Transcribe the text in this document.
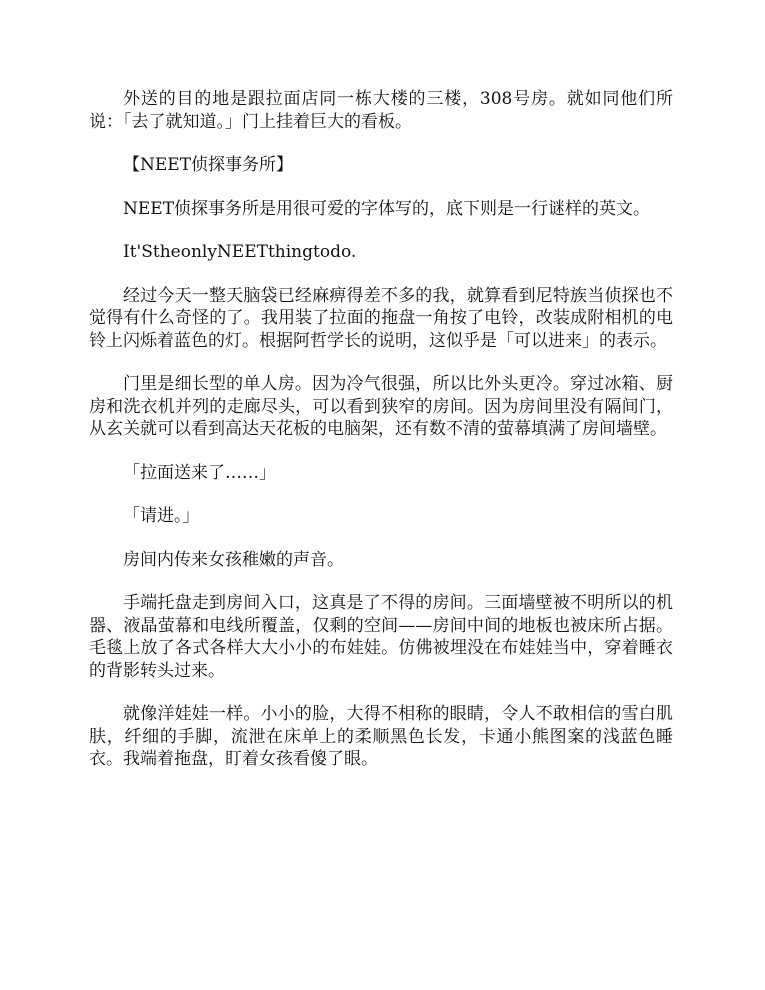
外送的目的地是跟拉面店同一栋大楼的三楼，308号房。就如同他们所说：「去了就知道。」门上挂着巨大的看板。

【NEET侦探事务所】

NEET侦探事务所是用很可爱的字体写的，底下则是一行谜样的英文。

It'StheonlyNEETthingtodo.

经过今天一整天脑袋已经麻痹得差不多的我，就算看到尼特族当侦探也不觉得有什么奇怪的了。我用装了拉面的拖盘一角按了电铃，改装成附相机的电铃上闪烁着蓝色的灯。根据阿哲学长的说明，这似乎是「可以进来」的表示。

门里是细长型的单人房。因为冷气很强，所以比外头更冷。穿过冰箱、厨房和洗衣机并列的走廊尽头，可以看到狭窄的房间。因为房间里没有隔间门，从玄关就可以看到高达天花板的电脑架，还有数不清的萤幕填满了房间墙壁。

「拉面送来了……」

「请进。」

房间内传来女孩稚嫩的声音。

手端托盘走到房间入口，这真是了不得的房间。三面墙壁被不明所以的机器、液晶萤幕和电线所覆盖，仅剩的空间——房间中间的地板也被床所占据。毛毯上放了各式各样大大小小的布娃娃。仿佛被埋没在布娃娃当中，穿着睡衣的背影转头过来。

就像洋娃娃一样。小小的脸，大得不相称的眼睛，令人不敢相信的雪白肌肤，纤细的手脚，流泄在床单上的柔顺黑色长发，卡通小熊图案的浅蓝色睡衣。我端着拖盘，盯着女孩看傻了眼。
